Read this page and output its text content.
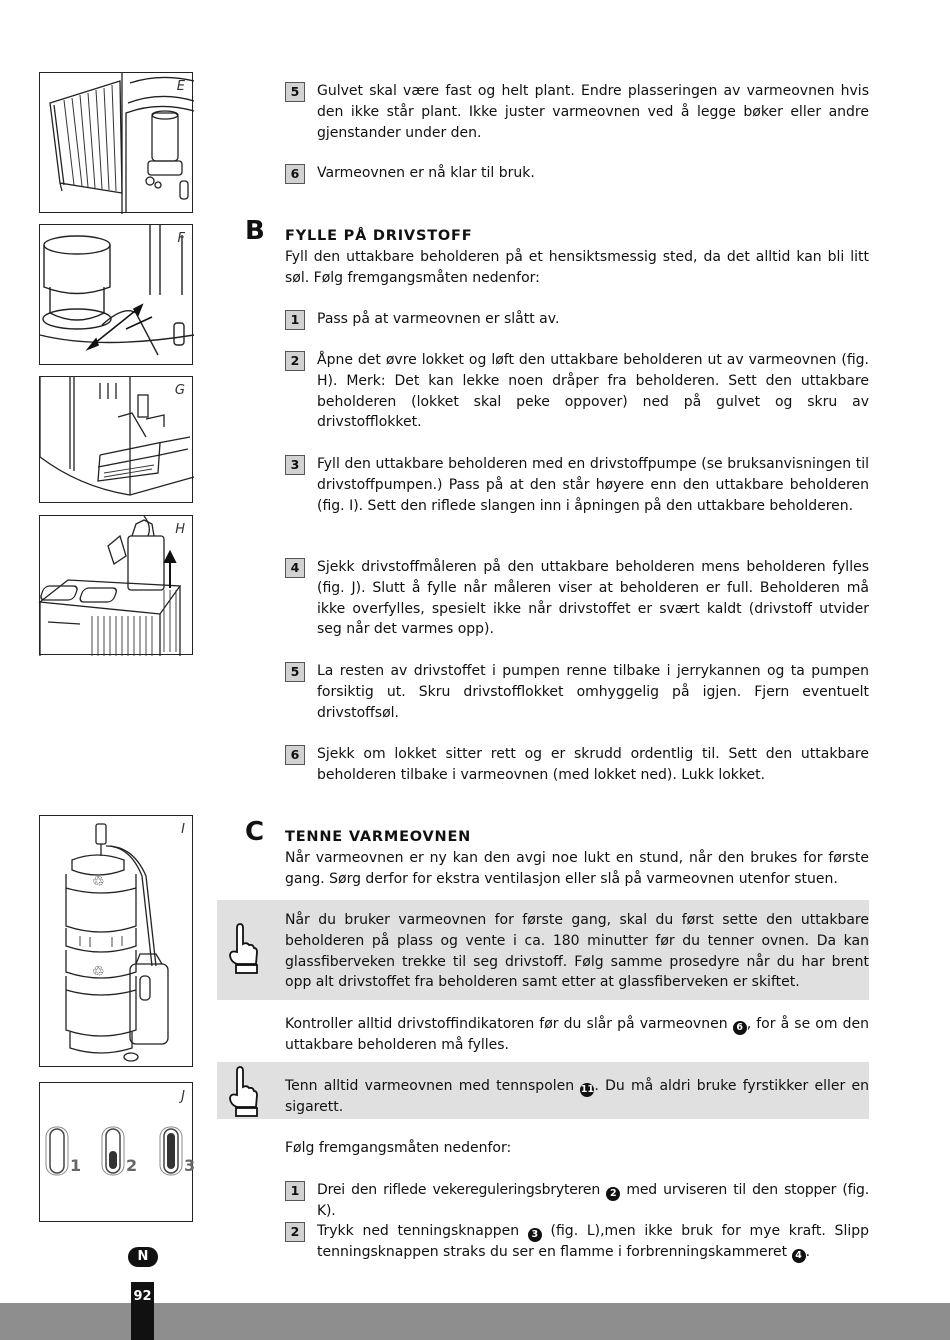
E
F
G
H
♲
♲
I
1	2	3
J
5	Gulvet skal være fast og helt plant. Endre plasseringen av varmeovnen hvis den ikke står plant. Ikke juster varmeovnen ved å legge bøker eller andre gjenstander under den.
6	Varmeovnen er nå klar til bruk.
B FYLLE PÅ DRIVSTOFF
Fyll den uttakbare beholderen på et hensiktsmessig sted, da det alltid kan bli litt søl. Følg fremgangsmåten nedenfor:
1	Pass på at varmeovnen er slått av.
2	Åpne det øvre lokket og løft den uttakbare beholderen ut av varmeovnen (fig. H). Merk: Det kan lekke noen dråper fra beholderen. Sett den uttakbare beholderen (lokket skal peke oppover) ned på gulvet og skru av drivstofflokket.
3	Fyll den uttakbare beholderen med en drivstoffpumpe (se bruksanvisningen til drivstoffpumpen.) Pass på at den står høyere enn den uttakbare beholderen (fig. I). Sett den riflede slangen inn i åpningen på den uttakbare beholderen.
4	Sjekk drivstoffmåleren på den uttakbare beholderen mens beholderen fylles (fig. J). Slutt å fylle når måleren viser at beholderen er full. Beholderen må ikke overfylles, spesielt ikke når drivstoffet er svært kaldt (drivstoff utvider seg når det varmes opp).
5	La resten av drivstoffet i pumpen renne tilbake i jerrykannen og ta pumpen forsiktig ut. Skru drivstofflokket omhyggelig på igjen. Fjern eventuelt drivstoffsøl.
6	Sjekk om lokket sitter rett og er skrudd ordentlig til. Sett den uttakbare beholderen tilbake i varmeovnen (med lokket ned). Lukk lokket.
C TENNE VARMEOVNEN
Når varmeovnen er ny kan den avgi noe lukt en stund, når den brukes for første gang. Sørg derfor for ekstra ventilasjon eller slå på varmeovnen utenfor stuen.
Når du bruker varmeovnen for første gang, skal du først sette den uttakbare beholderen på plass og vente i ca. 180 minutter før du tenner ovnen. Da kan glassfiberveken trekke til seg drivstoff. Følg samme prosedyre når du har brent opp alt drivstoffet fra beholderen samt etter at glassfiberveken er skiftet.
Kontroller alltid drivstoffindikatoren før du slår på varmeovnen 6 , for å se om den uttakbare beholderen må fylles.
Tenn alltid varmeovnen med tennspolen 11. Du må aldri bruke fyrstikker eller en sigarett.
Følg fremgangsmåten nedenfor:
1	Drei den riflede vekereguleringsbryteren 2 med urviseren til den stopper (fig. K).
2	Trykk ned tenningsknappen 3 (fig. L),men ikke bruk for mye kraft. Slipp tenningsknappen straks du ser en flamme i forbrenningskammeret 4 .
N
92
